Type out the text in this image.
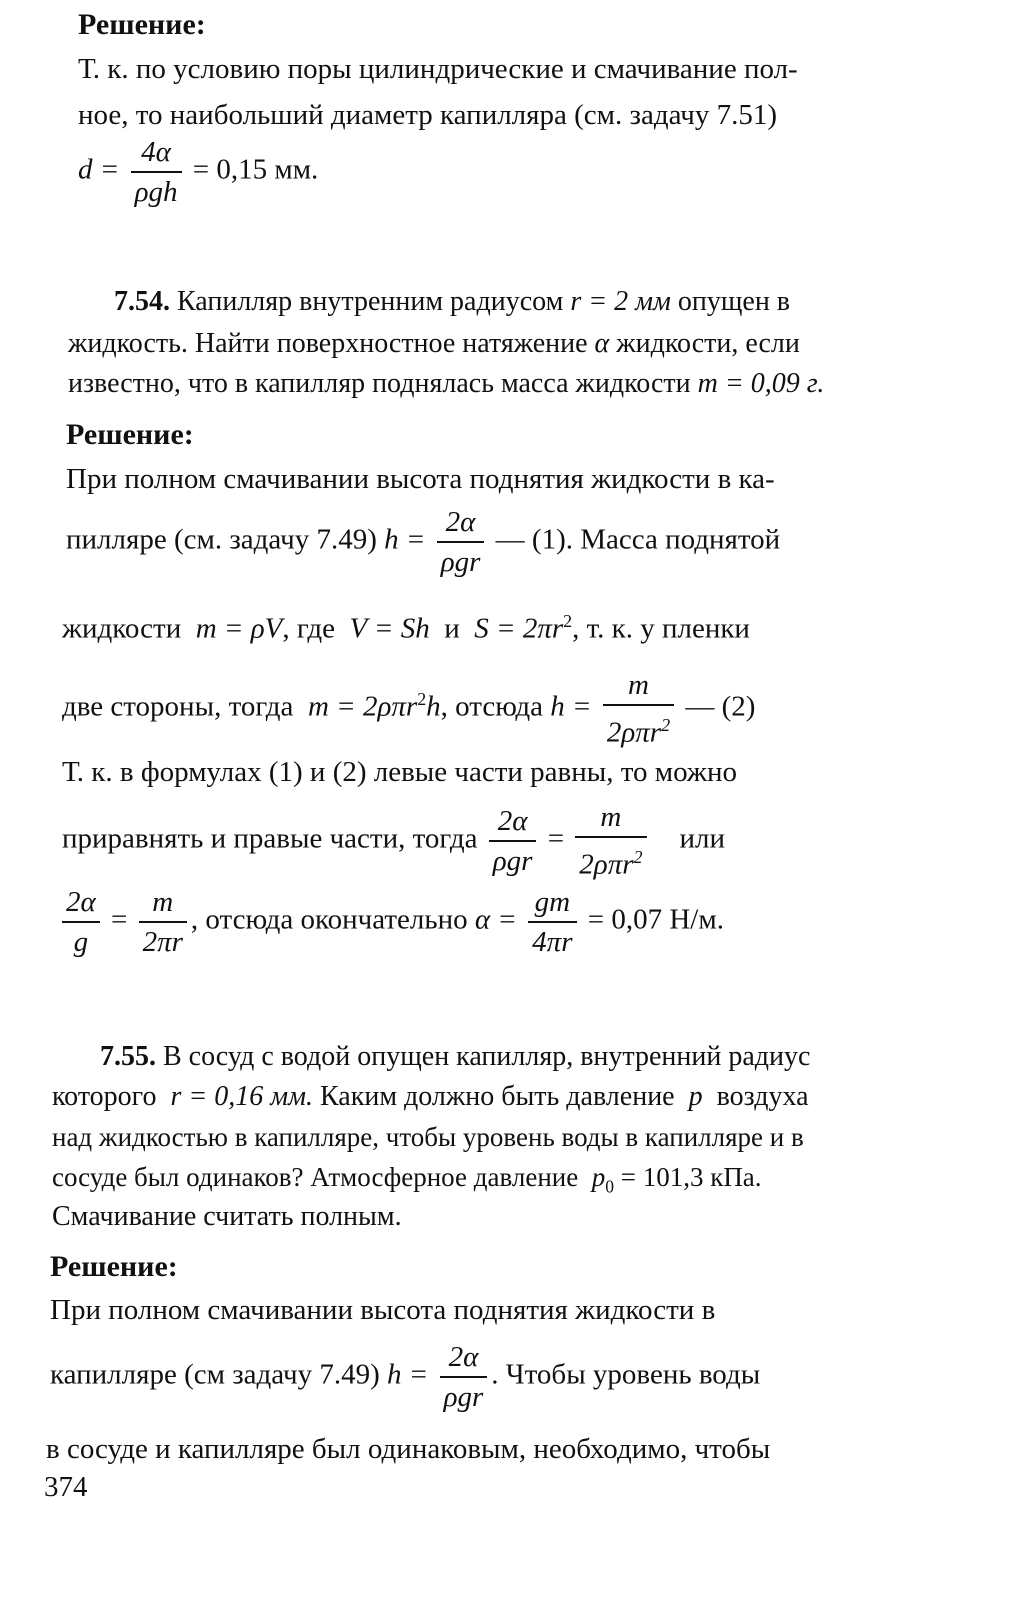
Решение:
Т. к. по условию поры цилиндрические и смачивание пол-
ное, то наибольший диаметр капилляра (см. задачу 7.51)
$d = \frac{4\alpha}{\text{ρgh}} = 0,15$ мм.
7.54. Капилляр внутренним радиусом r = 2 мм опущен в
жидкость. Найти поверхностное натяжение α жидкости, если
известно, что в капилляр поднялась масса жидкости m = 0,09 г.
Решение:
При полном смачивании высота поднятия жидкости в ка-
пилляре (см. задачу 7.49) $h = \frac{2\alpha}{\text{ρgr}}$ — (1). Масса поднятой
жидкости m = ρV, где V = Sh и $S = 2\pi r^2$, т. к. у пленки
две стороны, тогда m = 2ρπr$^2$h, отсюда $h = \frac{m}{2\rho\pi r^2}$ — (2)
Т. к. в формулах (1) и (2) левые части равны, то можно
приравнять и правые части, тогда $\frac{2\alpha}{\text{ρgr}} = \frac{m}{2\rho\pi r^2}$ или
$\frac{2\alpha}{g} = \frac{m}{2\pi r}$ , отсюда окончательно $\alpha = \frac{gm}{4\pi r} = 0,07$ Н/м.
7.55. В сосуд с водой опущен капилляр, внутренний радиус
которого r = 0,16 мм. Каким должно быть давление p воздуха
над жидкостью в капилляре, чтобы уровень воды в капилляре и в
сосуде был одинаков? Атмосферное давление $p_0 = 101,3$ кПа.
Смачивание считать полным.
Решение:
При полном смачивании высота поднятия жидкости в
капилляре (см задачу 7.49) $h = \frac{2\alpha}{\text{ρgr}}$ . Чтобы уровень воды
в сосуде и капилляре был одинаковым, необходимо, чтобы
374
